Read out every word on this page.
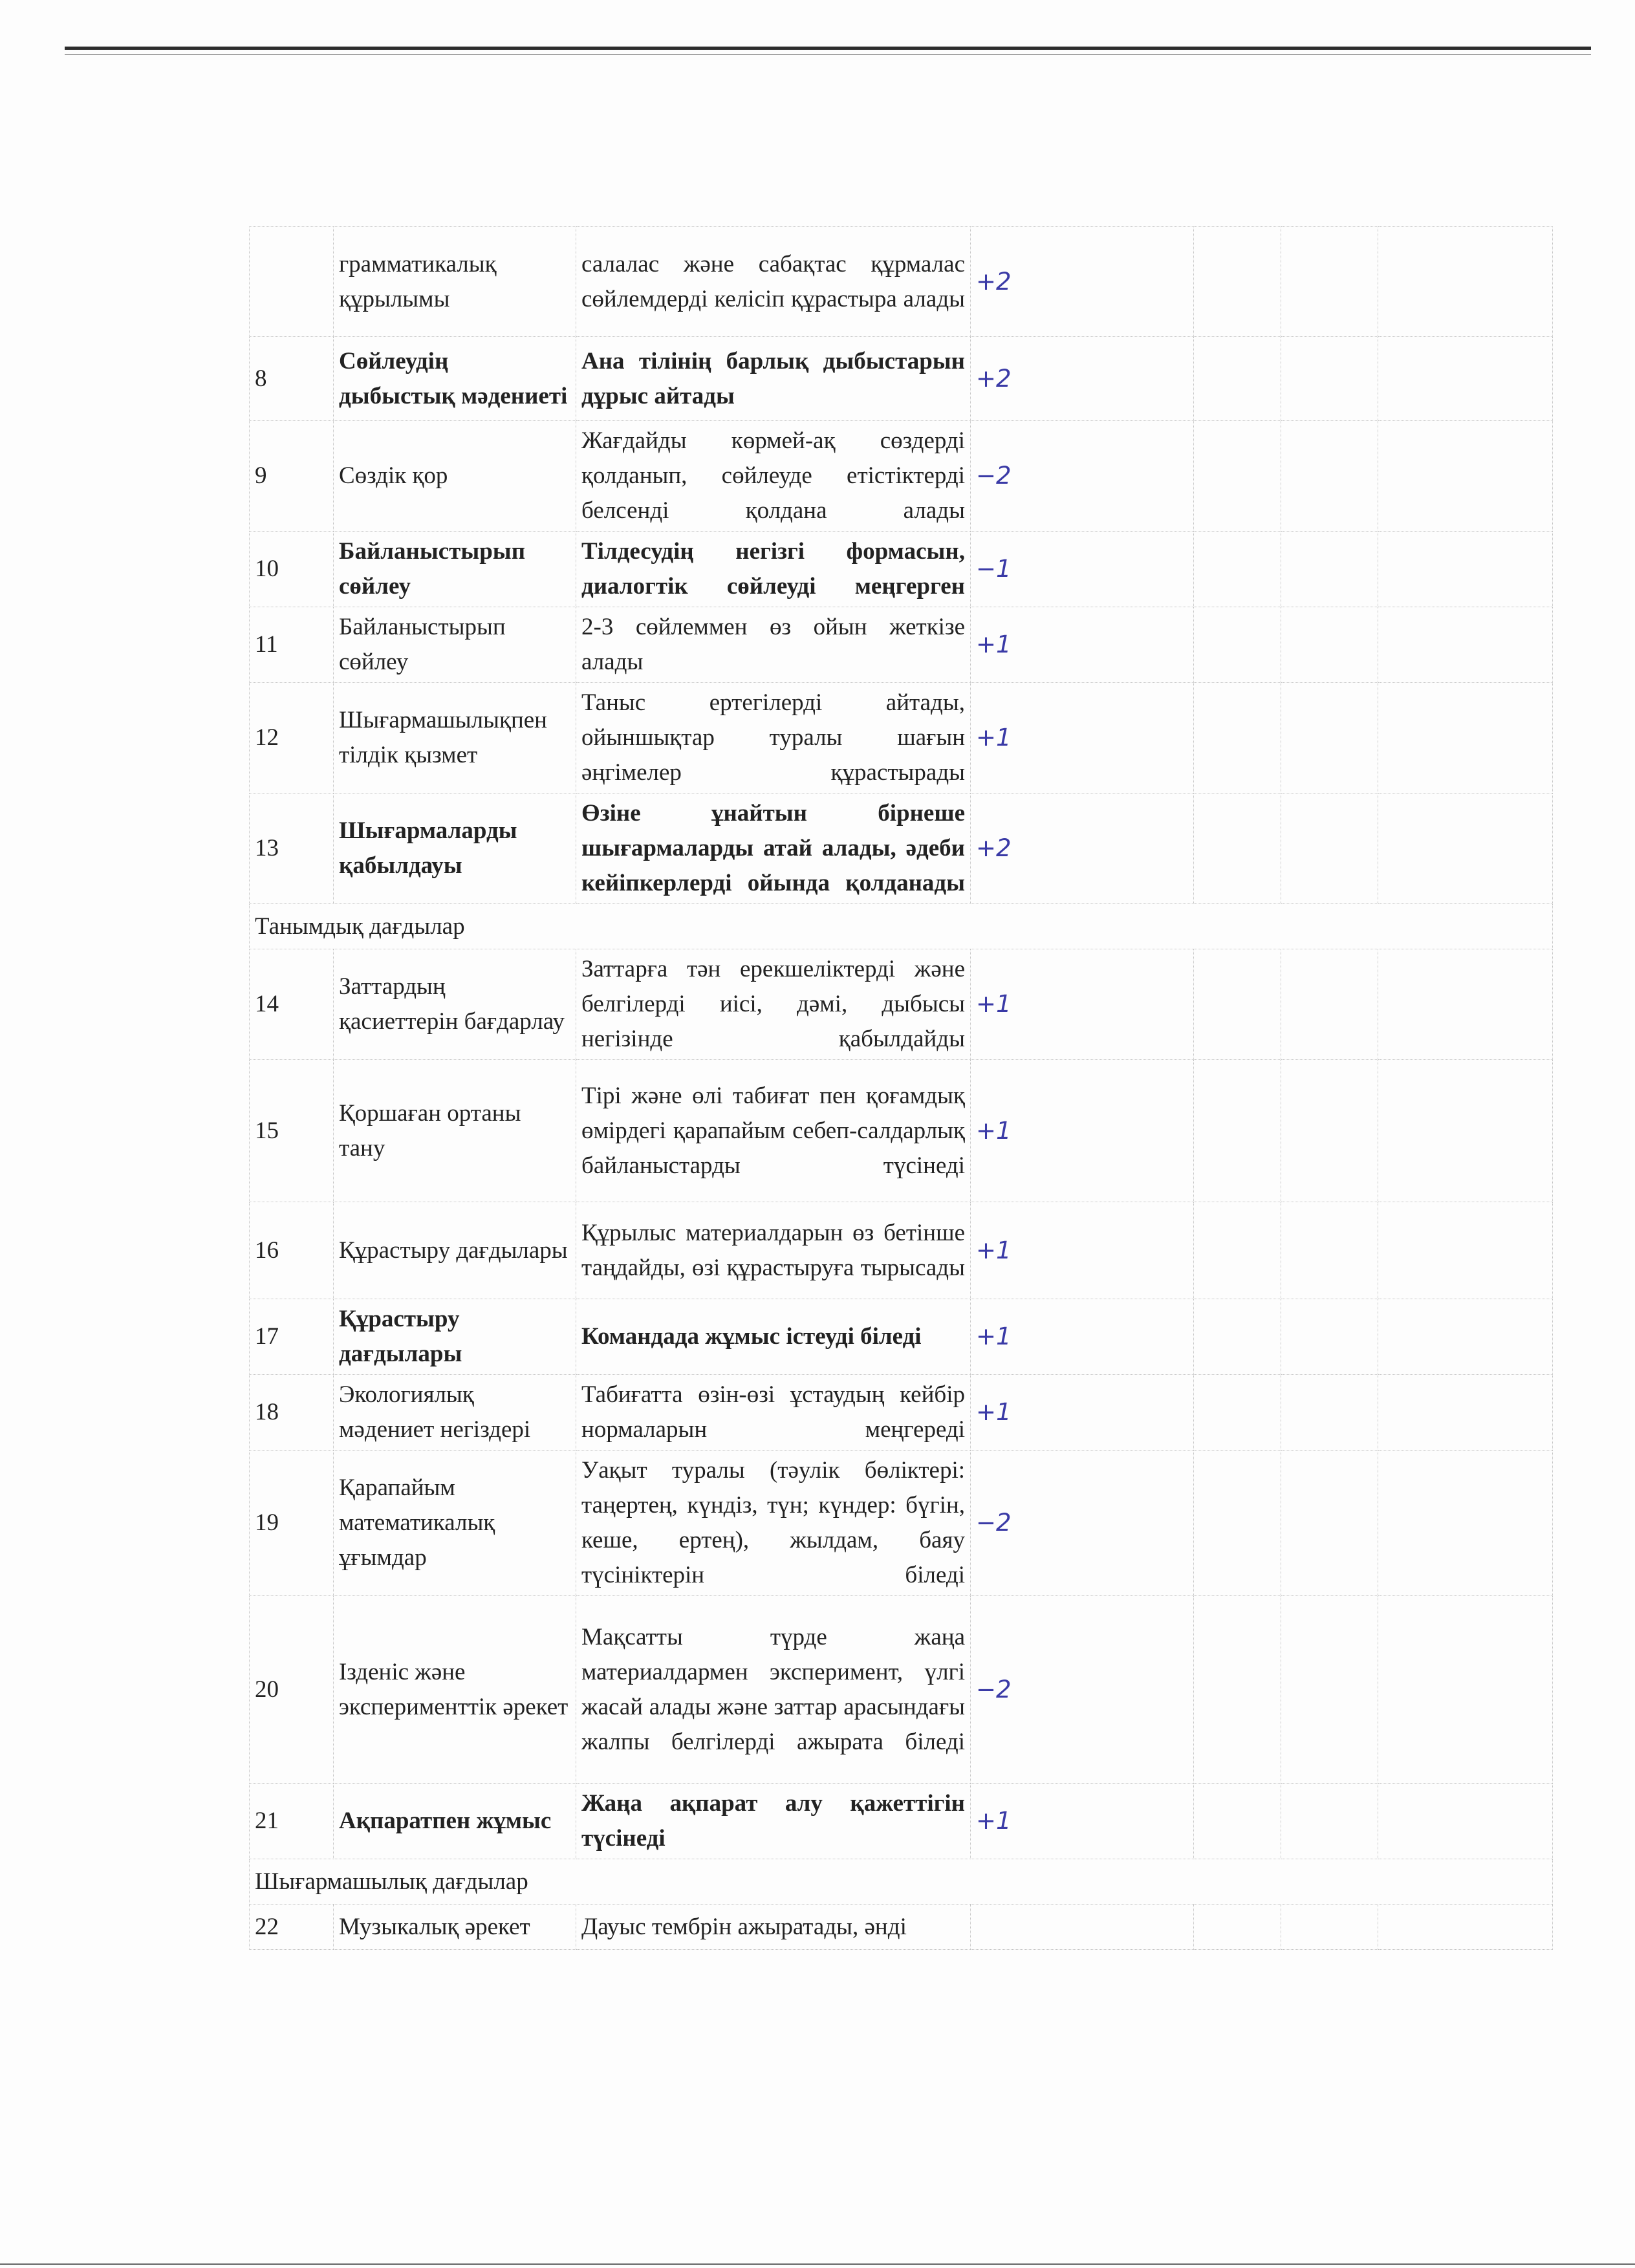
	грамматикалық құрылымы	салалас және сабақтас құрмалас сөйлемдерді келісіп құрастыра алады	+2			
8	Сөйлеудің дыбыстық мәдениеті	Ана тілінің барлық дыбыстарын дұрыс айтады	+2			
9	Сөздік қор	Жағдайды көрмей-ақ сөздерді қолданып, сөйлеуде етістіктерді белсенді қолдана алады	−2			
10	Байланыстырып сөйлеу	Тілдесудің негізгі формасын, диалогтік сөйлеуді меңгерген	−1			
11	Байланыстырып сөйлеу	2-3 сөйлеммен өз ойын жеткізе алады	+1			
12	Шығармашылықпен тілдік қызмет	Таныс ертегілерді айтады, ойыншықтар туралы шағын әңгімелер құрастырады	+1			
13	Шығармаларды қабылдауы	Өзіне ұнайтын бірнеше шығармаларды атай алады, әдеби кейіпкерлерді ойында қолданады	+2			
Танымдық дағдылар						
14	Заттардың қасиеттерін бағдарлау	Заттарға тән ерекшеліктерді және белгілерді иісі, дәмі, дыбысы негізінде қабылдайды	+1			
15	Қоршаған ортаны тану	Тірі және өлі табиғат пен қоғамдық өмірдегі қарапайым себеп-салдарлық байланыстарды түсінеді	+1			
16	Құрастыру дағдылары	Құрылыс материалдарын өз бетінше таңдайды, өзі құрастыруға тырысады	+1			
17	Құрастыру дағдылары	Командада жұмыс істеуді біледі	+1			
18	Экологиялық мәдениет негіздері	Табиғатта өзін-өзі ұстаудың кейбір нормаларын меңгереді	+1			
19	Қарапайым математикалық ұғымдар	Уақыт туралы (тәулік бөліктері: таңертең, күндіз, түн; күндер: бүгін, кеше, ертең), жылдам, баяу түсініктерін біледі	−2			
20	Ізденіс және эксперименттік әрекет	Мақсатты түрде жаңа материалдармен эксперимент, үлгі жасай алады және заттар арасындағы жалпы белгілерді ажырата біледі	−2			
21	Ақпаратпен жұмыс	Жаңа ақпарат алу қажеттігін түсінеді	+1			
Шығармашылық дағдылар						
22	Музыкалық әрекет	Дауыс тембрін ажыратады, әнді				
